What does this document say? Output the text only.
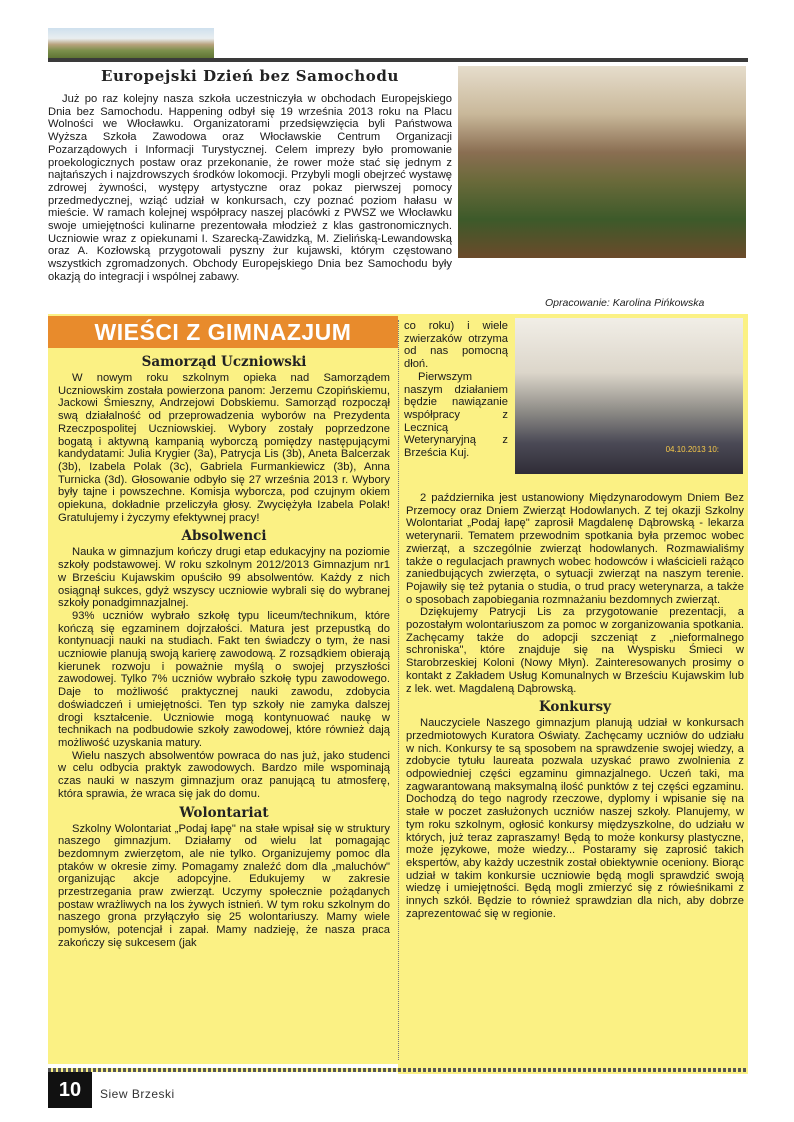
Europejski Dzień bez Samochodu

Już po raz kolejny nasza szkoła uczestniczyła w obchodach Europejskiego Dnia bez Samochodu. Happening odbył się 19 września 2013 roku na Placu Wolności we Włocławku. Organizatorami przedsięwzięcia byli Państwowa Wyższa Szkoła Zawodowa oraz Włocławskie Centrum Organizacji Pozarządowych i Informacji Turystycznej. Celem imprezy było promowanie proekologicznych postaw oraz przekonanie, że rower może stać się jednym z najtańszych i najzdrowszych środków lokomocji. Przybyli mogli obejrzeć wystawę zdrowej żywności, występy artystyczne oraz pokaz pierwszej pomocy przedmedycznej, wziąć udział w konkursach, czy poznać poziom hałasu w mieście. W ramach kolejnej współpracy naszej placówki z PWSZ we Włocławku swoje umiejętności kulinarne prezentowała młodzież z klas gastronomicznych. Uczniowie wraz z opiekunami I. Szarecką-Zawidzką, M. Zielińską-Lewandowską oraz A. Kozłowską przygotowali pyszny żur kujawski, którym częstowano wszystkich zgromadzonych. Obchody Europejskiego Dnia bez Samochodu były okazją do integracji i wspólnej zabawy.

Opracowanie: Karolina Pińkowska
WIEŚCI Z GIMNAZJUM
Samorząd Uczniowski

W nowym roku szkolnym opieka nad Samorządem Uczniowskim została powierzona panom: Jerzemu Czopińskiemu, Jackowi Śmieszny, Andrzejowi Dobskiemu. Samorząd rozpoczął swą działalność od przeprowadzenia wyborów na Prezydenta Rzeczpospolitej Uczniowskiej. Wybory zostały poprzedzone bogatą i aktywną kampanią wyborczą pomiędzy następującymi kandydatami: Julia Krygier (3a), Patrycja Lis (3b), Aneta Balcerzak (3b), Izabela Polak (3c), Gabriela Furmankiewicz (3b), Anna Turnicka (3d). Głosowanie odbyło się 27 września 2013 r. Wybory były tajne i powszechne. Komisja wyborcza, pod czujnym okiem opiekuna, dokładnie przeliczyła głosy. Zwyciężyła Izabela Polak! Gratulujemy i życzymy efektywnej pracy!

Absolwenci

Nauka w gimnazjum kończy drugi etap edukacyjny na poziomie szkoły podstawowej. W roku szkolnym 2012/2013 Gimnazjum nr1 w Brześciu Kujawskim opuściło 99 absolwentów. Każdy z nich osiągnął sukces, gdyż wszyscy uczniowie wybrali się do wybranej szkoły ponadgimnazjalnej.

93% uczniów wybrało szkołę typu liceum/technikum, które kończą się egzaminem dojrzałości. Matura jest przepustką do kontynuacji nauki na studiach. Fakt ten świadczy o tym, że nasi uczniowie planują swoją karierę zawodową. Z rozsądkiem obierają kierunek rozwoju i poważnie myślą o swojej przyszłości zawodowej. Tylko 7% uczniów wybrało szkołę typu zawodowego. Daje to możliwość praktycznej nauki zawodu, zdobycia doświadczeń i umiejętności. Ten typ szkoły nie zamyka dalszej drogi kształcenie. Uczniowie mogą kontynuować naukę w technikach na podbudowie szkoły zawodowej, które również dają możliwość uzyskania matury.

Wielu naszych absolwentów powraca do nas już, jako studenci w celu odbycia praktyk zawodowych. Bardzo mile wspominają czas nauki w naszym gimnazjum oraz panującą tu atmosferę, która sprawia, że wraca się jak do domu.

Wolontariat

Szkolny Wolontariat „Podaj łapę" na stałe wpisał się w struktury naszego gimnazjum. Działamy od wielu lat pomagając bezdomnym zwierzętom, ale nie tylko. Organizujemy pomoc dla ptaków w okresie zimy. Pomagamy znaleźć dom dla „maluchów" organizując akcje adopcyjne. Edukujemy w zakresie przestrzegania praw zwierząt. Uczymy społecznie pożądanych postaw wrażliwych na los żywych istnień. W tym roku szkolnym do naszego grona przyłączyło się 25 wolontariuszy. Mamy wiele pomysłów, potencjał i zapał. Mamy nadzieję, że nasza praca zakończy się sukcesem (jak

04.10.2013 10:

co roku) i wiele zwierzaków otrzyma od nas pomocną dłoń.

Pierwszym naszym działaniem będzie nawiązanie współpracy z Lecznicą Weterynaryjną z Brześcia Kuj.

2 października jest ustanowiony Międzynarodowym Dniem Bez Przemocy oraz Dniem Zwierząt Hodowlanych. Z tej okazji Szkolny Wolontariat „Podaj łapę" zaprosił Magdalenę Dąbrowską - lekarza weterynarii. Tematem przewodnim spotkania była przemoc wobec zwierząt, a szczególnie zwierząt hodowlanych. Rozmawialiśmy także o regulacjach prawnych wobec hodowców i właścicieli rażąco zaniedbujących zwierzęta, o sytuacji zwierząt na naszym terenie. Pojawiły się też pytania o studia, o trud pracy weterynarza, a także o sposobach zapobiegania rozmnażaniu bezdomnych zwierząt.

Dziękujemy Patrycji Lis za przygotowanie prezentacji, a pozostałym wolontariuszom za pomoc w zorganizowania spotkania. Zachęcamy także do adopcji szczeniąt z „nieformalnego schroniska", które znajduje się na Wyspisku Śmieci w Starobrzeskiej Koloni (Nowy Młyn). Zainteresowanych prosimy o kontakt z Zakładem Usług Komunalnych w Brześciu Kujawskim lub z lek. wet. Magdaleną Dąbrowską.

Konkursy

Nauczyciele Naszego gimnazjum planują udział w konkursach przedmiotowych Kuratora Oświaty. Zachęcamy uczniów do udziału w nich. Konkursy te są sposobem na sprawdzenie swojej wiedzy, a zdobycie tytułu laureata pozwala uzyskać prawo zwolnienia z odpowiedniej części egzaminu gimnazjalnego. Uczeń taki, ma zagwarantowaną maksymalną ilość punktów z tej części egzaminu. Dochodzą do tego nagrody rzeczowe, dyplomy i wpisanie się na stałe w poczet zasłużonych uczniów naszej szkoły. Planujemy, w tym roku szkolnym, ogłosić konkursy międzyszkolne, do udziału w których, już teraz zapraszamy! Będą to może konkursy plastyczne, może językowe, może wiedzy... Postaramy się zaprosić takich ekspertów, aby każdy uczestnik został obiektywnie oceniony. Biorąc udział w takim konkursie uczniowie będą mogli sprawdzić swoją wiedzę i umiejętności. Będą mogli zmierzyć się z rówieśnikami z innych szkół. Będzie to również sprawdzian dla nich, aby dobrze zaprezentować się w regionie.

10	Siew Brzeski
